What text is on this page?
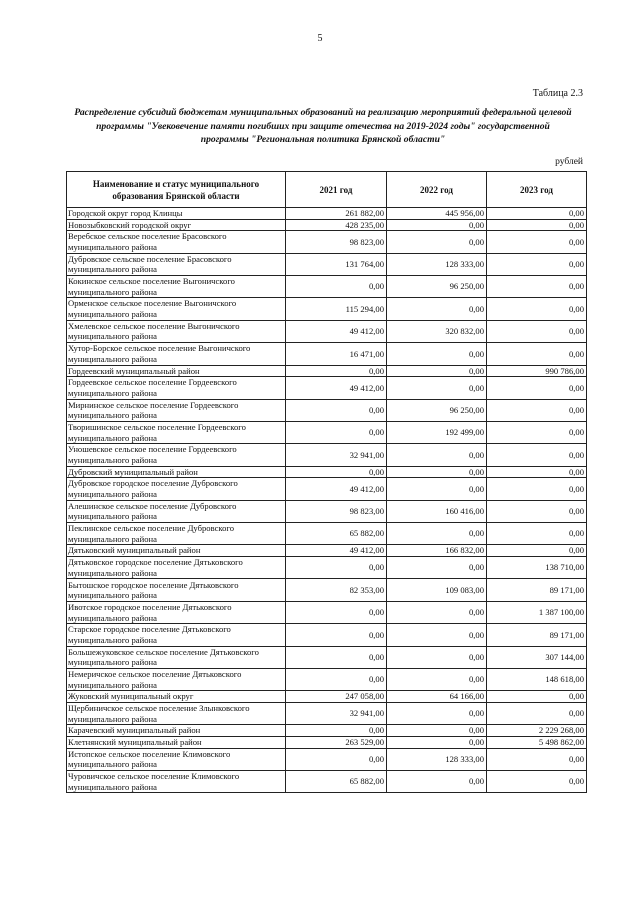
5
Таблица 2.3
Распределение субсидий бюджетам муниципальных образований на реализацию мероприятий федеральной целевой
программы "Увековечение памяти погибших при защите отечества на 2019-2024 годы" государственной
программы "Региональная политика Брянской области"
рублей
Наименование и статус муниципального образования Брянской области	2021 год	2022 год	2023 год
Городской округ город Клинцы	261 882,00	445 956,00	0,00
Новозыбковский городской округ	428 235,00	0,00	0,00
Веребское сельское поселение Брасовского муниципального района	98 823,00	0,00	0,00
Дубровское сельское поселение Брасовского муниципального района	131 764,00	128 333,00	0,00
Кокинское сельское поселение Выгоничского муниципального района	0,00	96 250,00	0,00
Орменское сельское поселение Выгоничского муниципального района	115 294,00	0,00	0,00
Хмелевское сельское поселение Выгоничского муниципального района	49 412,00	320 832,00	0,00
Хутор-Борское сельское поселение Выгоничского муниципального района	16 471,00	0,00	0,00
Гордеевский муниципальный район	0,00	0,00	990 786,00
Гордеевское сельское поселение Гордеевского муниципального района	49 412,00	0,00	0,00
Мирнинское сельское поселение Гордеевского муниципального района	0,00	96 250,00	0,00
Творишинское сельское поселение Гордеевского муниципального района	0,00	192 499,00	0,00
Уношевское сельское поселение Гордеевского муниципального района	32 941,00	0,00	0,00
Дубровский муниципальный район	0,00	0,00	0,00
Дубровское городское поселение Дубровского муниципального района	49 412,00	0,00	0,00
Алешинское сельское поселение Дубровского муниципального района	98 823,00	160 416,00	0,00
Пеклинское сельское поселение Дубровского муниципального района	65 882,00	0,00	0,00
Дятьковский муниципальный район	49 412,00	166 832,00	0,00
Дятьковское городское поселение Дятьковского муниципального района	0,00	0,00	138 710,00
Бытошское городское поселение Дятьковского муниципального района	82 353,00	109 083,00	89 171,00
Ивотское городское поселение Дятьковского муниципального района	0,00	0,00	1 387 100,00
Старское городское поселение Дятьковского муниципального района	0,00	0,00	89 171,00
Большежуковское сельское поселение Дятьковского муниципального района	0,00	0,00	307 144,00
Немеричское сельское поселение Дятьковского муниципального района	0,00	0,00	148 618,00
Жуковский муниципальный округ	247 058,00	64 166,00	0,00
Щербиничское сельское поселение Злынковского муниципального района	32 941,00	0,00	0,00
Карачевский муниципальный район	0,00	0,00	2 229 268,00
Клетнянский муниципальный район	263 529,00	0,00	5 498 862,00
Истопское сельское поселение Климовского муниципального района	0,00	128 333,00	0,00
Чуровичское сельское поселение Климовского муниципального района	65 882,00	0,00	0,00
